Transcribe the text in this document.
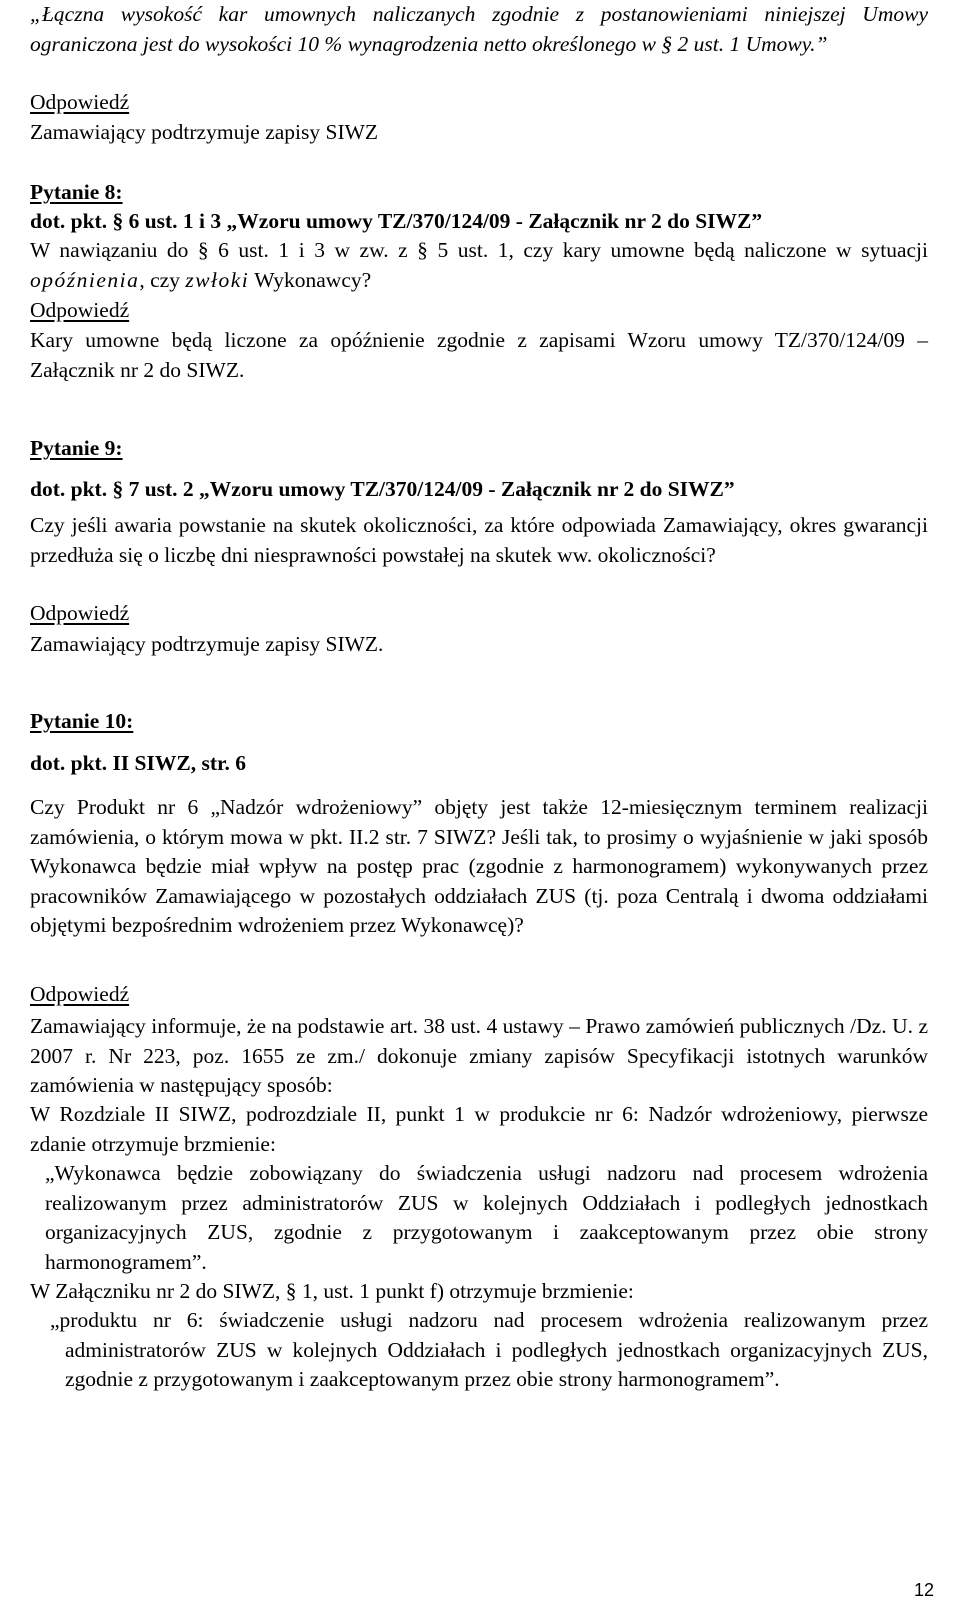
„Łączna wysokość kar umownych naliczanych zgodnie z postanowieniami niniejszej Umowy ograniczona jest do wysokości 10 % wynagrodzenia netto określonego w § 2 ust. 1 Umowy.”
Odpowiedź
Zamawiający podtrzymuje zapisy SIWZ
Pytanie 8:
dot. pkt. § 6 ust. 1 i 3 „Wzoru umowy TZ/370/124/09 - Załącznik nr 2 do SIWZ”
W nawiązaniu do § 6 ust. 1 i 3 w zw. z § 5 ust. 1, czy kary umowne będą naliczone w sytuacji opóźnienia, czy zwłoki Wykonawcy?
Odpowiedź
Kary umowne będą liczone za opóźnienie zgodnie z zapisami Wzoru umowy TZ/370/124/09 – Załącznik nr 2 do SIWZ.
Pytanie 9:
dot. pkt. § 7 ust. 2 „Wzoru umowy TZ/370/124/09 - Załącznik nr 2 do SIWZ”
Czy jeśli awaria powstanie na skutek okoliczności, za które odpowiada Zamawiający, okres gwarancji przedłuża się o liczbę dni niesprawności powstałej na skutek ww. okoliczności?
Odpowiedź
Zamawiający podtrzymuje zapisy SIWZ.
Pytanie 10:
dot. pkt. II SIWZ, str. 6
Czy Produkt nr 6 „Nadzór wdrożeniowy” objęty jest także 12-miesięcznym terminem realizacji zamówienia, o którym mowa w pkt. II.2 str. 7 SIWZ? Jeśli tak, to prosimy o wyjaśnienie w jaki sposób Wykonawca będzie miał wpływ na postęp prac (zgodnie z harmonogramem) wykonywanych przez pracowników Zamawiającego w pozostałych oddziałach ZUS (tj. poza Centralą i dwoma oddziałami objętymi bezpośrednim wdrożeniem przez Wykonawcę)?
Odpowiedź
Zamawiający informuje, że na podstawie art. 38 ust. 4 ustawy – Prawo zamówień publicznych /Dz. U. z 2007 r. Nr 223, poz. 1655 ze zm./ dokonuje zmiany zapisów Specyfikacji istotnych warunków zamówienia w następujący sposób:
W Rozdziale II SIWZ, podrozdziale II, punkt 1 w produkcie nr 6: Nadzór wdrożeniowy, pierwsze zdanie otrzymuje brzmienie:
„Wykonawca będzie zobowiązany do świadczenia usługi nadzoru nad procesem wdrożenia realizowanym przez administratorów ZUS w kolejnych Oddziałach i podległych jednostkach organizacyjnych ZUS, zgodnie z przygotowanym i zaakceptowanym przez obie strony harmonogramem”.
W Załączniku nr 2 do SIWZ, § 1, ust. 1 punkt f) otrzymuje brzmienie:
„produktu nr 6: świadczenie usługi nadzoru nad procesem wdrożenia realizowanym przez administratorów ZUS w kolejnych Oddziałach i podległych jednostkach organizacyjnych ZUS, zgodnie z przygotowanym i zaakceptowanym przez obie strony harmonogramem”.
12
